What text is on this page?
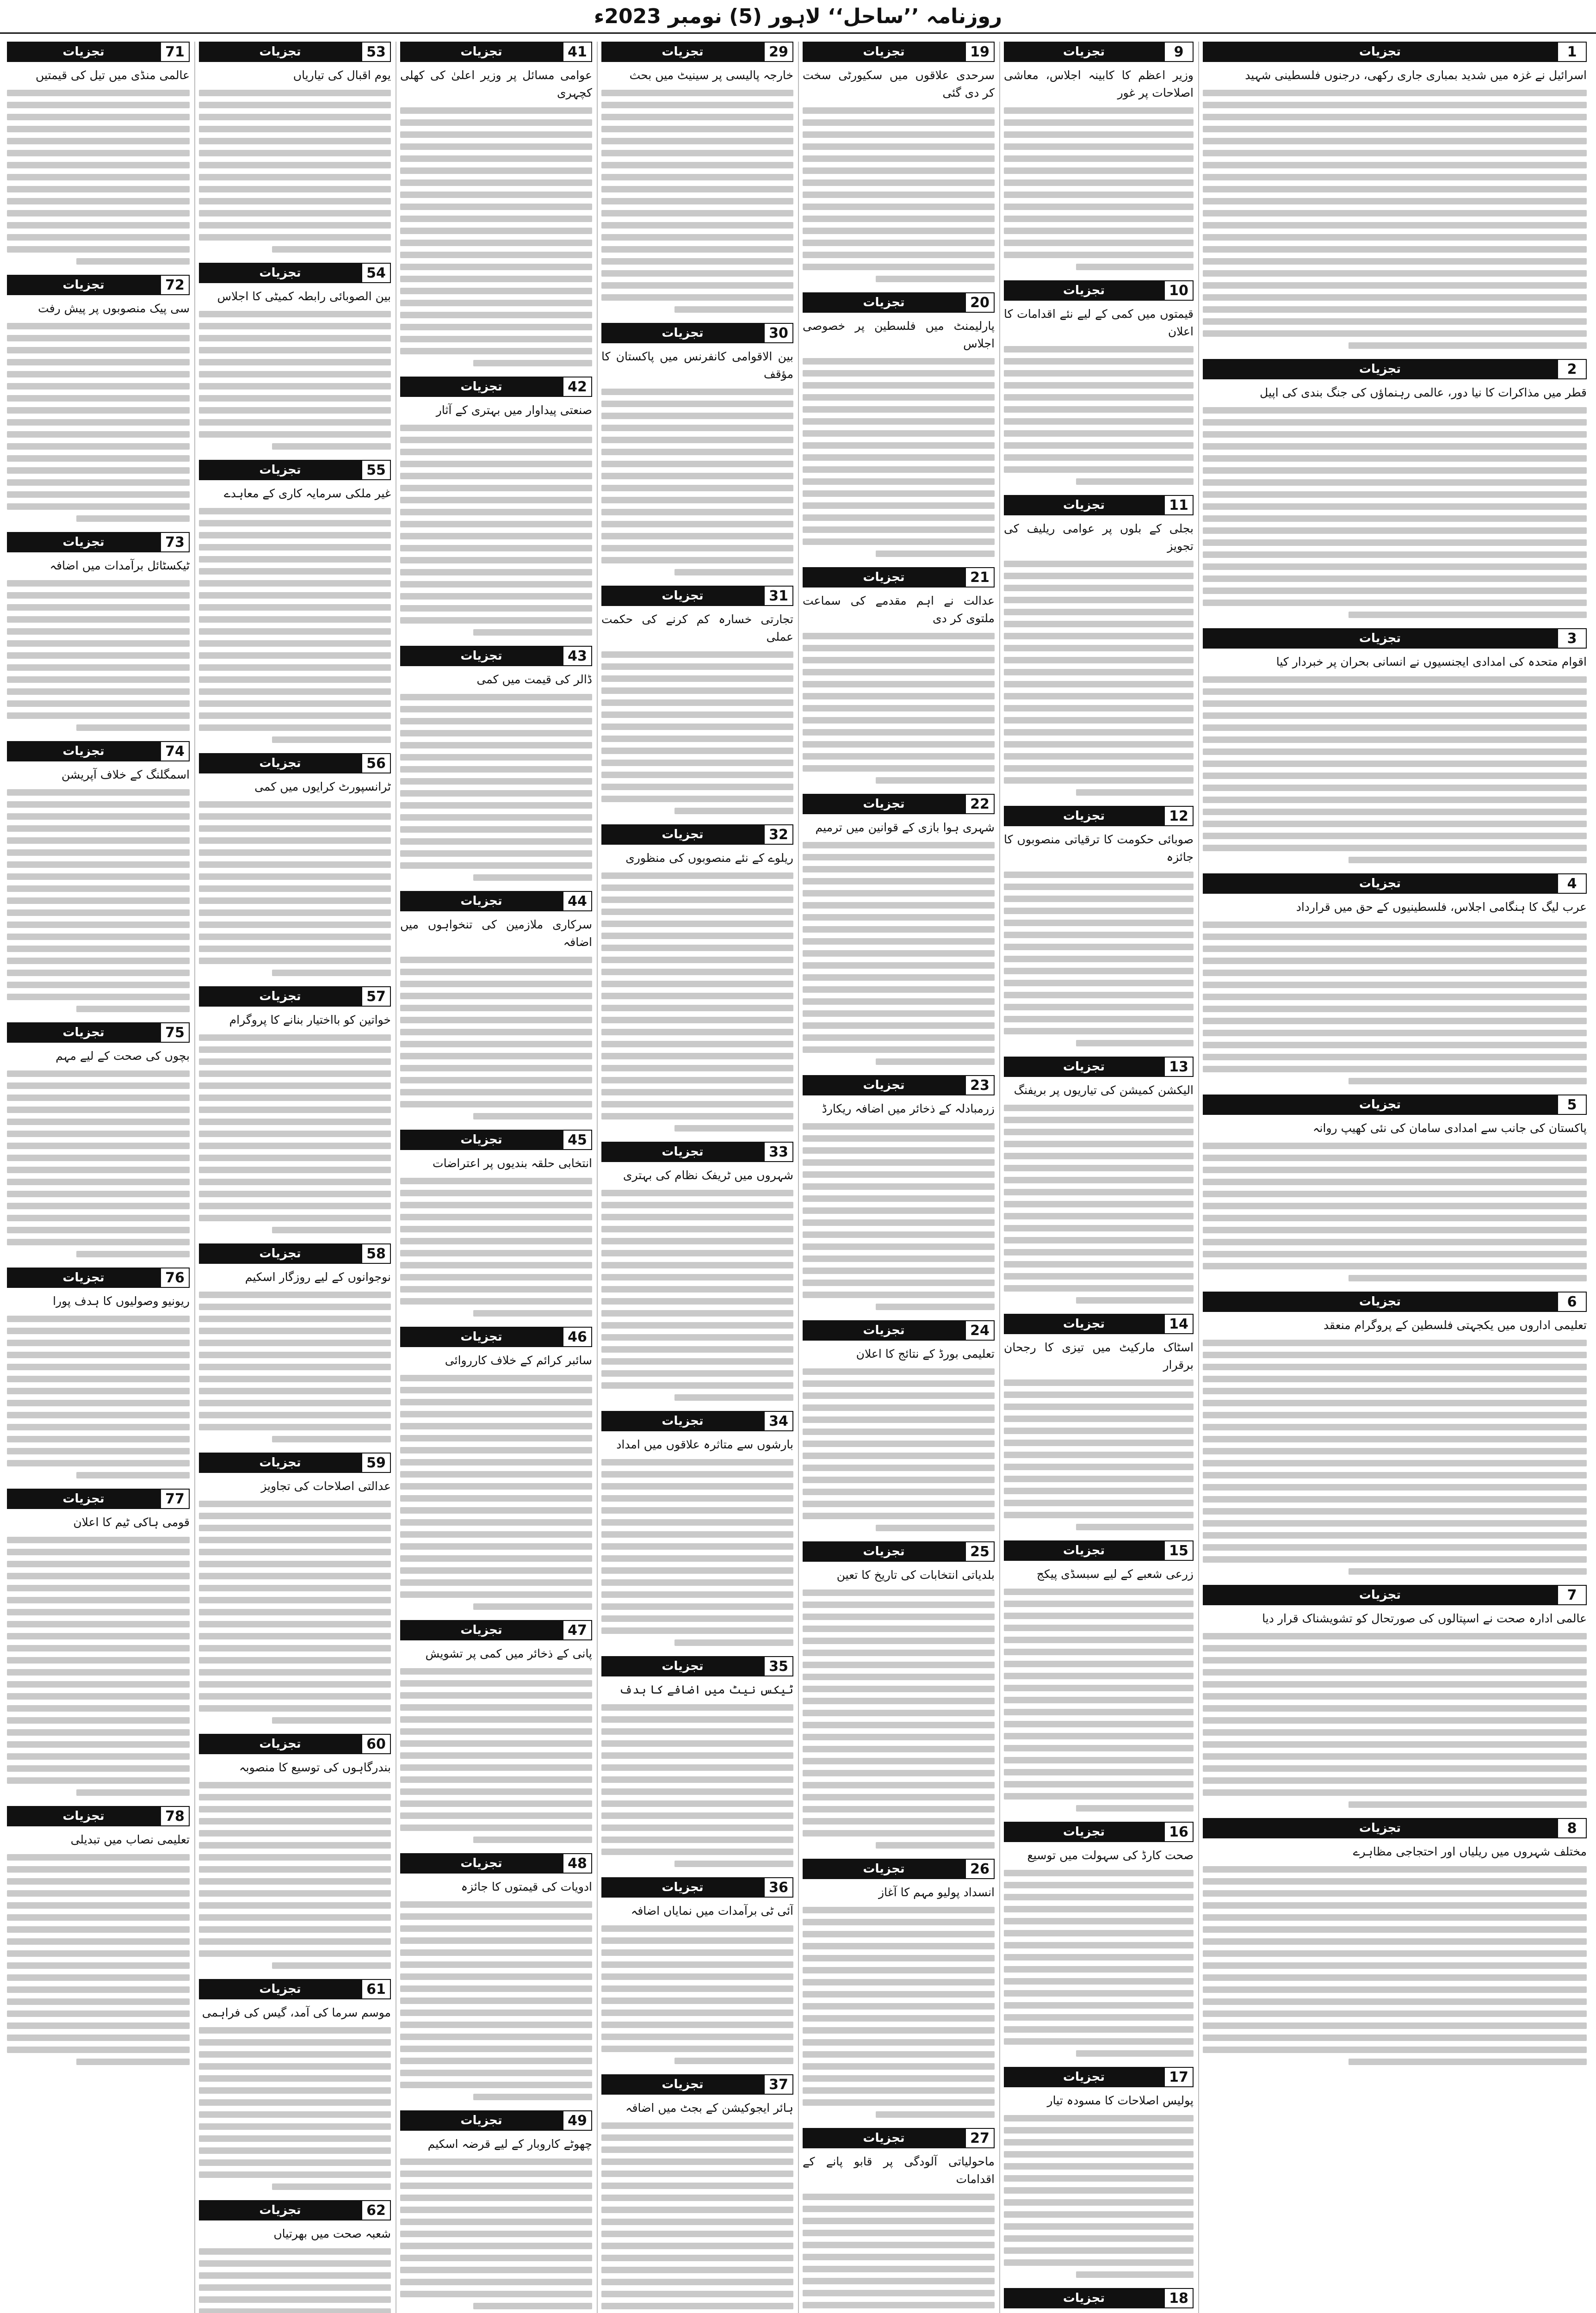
روزنامہ ’’ساحل‘‘ لاہور (5) نومبر 2023ء
1
تجزیات
اسرائیل نے غزہ میں شدید بمباری جاری رکھی، درجنوں فلسطینی شہید
2
تجزیات
قطر میں مذاکرات کا نیا دور، عالمی رہنماؤں کی جنگ بندی کی اپیل
3
تجزیات
اقوام متحدہ کی امدادی ایجنسیوں نے انسانی بحران پر خبردار کیا
4
تجزیات
عرب لیگ کا ہنگامی اجلاس، فلسطینیوں کے حق میں قرارداد
5
تجزیات
پاکستان کی جانب سے امدادی سامان کی نئی کھیپ روانہ
6
تجزیات
تعلیمی اداروں میں یکجہتی فلسطین کے پروگرام منعقد
7
تجزیات
عالمی ادارہ صحت نے اسپتالوں کی صورتحال کو تشویشناک قرار دیا
8
تجزیات
مختلف شہروں میں ریلیاں اور احتجاجی مظاہرے
9
تجزیات
وزیر اعظم کا کابینہ اجلاس، معاشی اصلاحات پر غور
10
تجزیات
قیمتوں میں کمی کے لیے نئے اقدامات کا اعلان
11
تجزیات
بجلی کے بلوں پر عوامی ریلیف کی تجویز
12
تجزیات
صوبائی حکومت کا ترقیاتی منصوبوں کا جائزہ
13
تجزیات
الیکشن کمیشن کی تیاریوں پر بریفنگ
14
تجزیات
اسٹاک مارکیٹ میں تیزی کا رجحان برقرار
15
تجزیات
زرعی شعبے کے لیے سبسڈی پیکج
16
تجزیات
صحت کارڈ کی سہولت میں توسیع
17
تجزیات
پولیس اصلاحات کا مسودہ تیار
18
تجزیات
19
تجزیات
سرحدی علاقوں میں سکیورٹی سخت کر دی گئی
20
تجزیات
پارلیمنٹ میں فلسطین پر خصوصی اجلاس
21
تجزیات
عدالت نے اہم مقدمے کی سماعت ملتوی کر دی
22
تجزیات
شہری ہوا بازی کے قوانین میں ترمیم
23
تجزیات
زرمبادلہ کے ذخائر میں اضافہ ریکارڈ
24
تجزیات
تعلیمی بورڈ کے نتائج کا اعلان
25
تجزیات
بلدیاتی انتخابات کی تاریخ کا تعین
26
تجزیات
انسداد پولیو مہم کا آغاز
27
تجزیات
ماحولیاتی آلودگی پر قابو پانے کے اقدامات
29
تجزیات
خارجہ پالیسی پر سینیٹ میں بحث
30
تجزیات
بین الاقوامی کانفرنس میں پاکستان کا مؤقف
31
تجزیات
تجارتی خسارہ کم کرنے کی حکمت عملی
32
تجزیات
ریلوے کے نئے منصوبوں کی منظوری
33
تجزیات
شہروں میں ٹریفک نظام کی بہتری
34
تجزیات
بارشوں سے متاثرہ علاقوں میں امداد
35
تجزیات
ٹیکس نیٹ میں اضافے کا ہدف
36
تجزیات
آئی ٹی برآمدات میں نمایاں اضافہ
37
تجزیات
ہائر ایجوکیشن کے بجٹ میں اضافہ
41
تجزیات
عوامی مسائل پر وزیر اعلیٰ کی کھلی کچہری
42
تجزیات
صنعتی پیداوار میں بہتری کے آثار
43
تجزیات
ڈالر کی قیمت میں کمی
44
تجزیات
سرکاری ملازمین کی تنخواہوں میں اضافہ
45
تجزیات
انتخابی حلقہ بندیوں پر اعتراضات
46
تجزیات
سائبر کرائم کے خلاف کارروائی
47
تجزیات
پانی کے ذخائر میں کمی پر تشویش
48
تجزیات
ادویات کی قیمتوں کا جائزہ
49
تجزیات
چھوٹے کاروبار کے لیے قرضہ اسکیم
53
تجزیات
یوم اقبال کی تیاریاں
54
تجزیات
بین الصوبائی رابطہ کمیٹی کا اجلاس
55
تجزیات
غیر ملکی سرمایہ کاری کے معاہدے
56
تجزیات
ٹرانسپورٹ کرایوں میں کمی
57
تجزیات
خواتین کو بااختیار بنانے کا پروگرام
58
تجزیات
نوجوانوں کے لیے روزگار اسکیم
59
تجزیات
عدالتی اصلاحات کی تجاویز
60
تجزیات
بندرگاہوں کی توسیع کا منصوبہ
61
تجزیات
موسم سرما کی آمد، گیس کی فراہمی
62
تجزیات
شعبہ صحت میں بھرتیاں
71
تجزیات
عالمی منڈی میں تیل کی قیمتیں
72
تجزیات
سی پیک منصوبوں پر پیش رفت
73
تجزیات
ٹیکسٹائل برآمدات میں اضافہ
74
تجزیات
اسمگلنگ کے خلاف آپریشن
75
تجزیات
بچوں کی صحت کے لیے مہم
76
تجزیات
ریونیو وصولیوں کا ہدف پورا
77
تجزیات
قومی ہاکی ٹیم کا اعلان
78
تجزیات
تعلیمی نصاب میں تبدیلی
